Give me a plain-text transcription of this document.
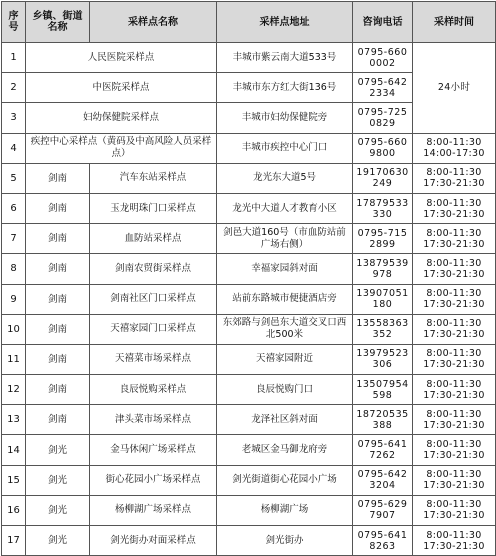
序号	乡镇、街道名称	采样点名称	采样点地址	咨询电话	采样时间
1	人民医院采样点		丰城市紫云南大道533号	0795-6600002	24小时
2	中医院采样点		丰城市东方红大街136号	0795-6422334	
3	妇幼保健院采样点		丰城市妇幼保健院旁	0795-7250829	
4	疾控中心采样点（黄码及中高风险人员采样点）		丰城市疾控中心门口	0795-6609800	8:00-11:30
14:00-17:30
5	剑南	汽车东站采样点	龙光东大道5号	19170630249	8:00-11:30
17:30-21:30
6	剑南	玉龙明珠门口采样点	龙光中大道人才教育小区	17879533330	8:00-11:30
17:30-21:30
7	剑南	血防站采样点	剑邑大道160号（市血防站前广场右侧）	0795-7152899	8:00-11:30
17:30-21:30
8	剑南	剑南农贸街采样点	幸福家园斜对面	13879539978	8:00-11:30
17:30-21:30
9	剑南	剑南社区门口采样点	站前东路城市便捷酒店旁	13907051180	8:00-11:30
17:30-21:30
10	剑南	天禧家园门口采样点	东郊路与剑邑东大道交叉口西北500米	13558363352	8:00-11:30
17:30-21:30
11	剑南	天禧菜市场采样点	天禧家园附近	13979523306	8:00-11:30
17:30-21:30
12	剑南	良辰悦购采样点	良辰悦购门口	13507954598	8:00-11:30
17:30-21:30
13	剑南	津头菜市场采样点	龙泽社区斜对面	18720535388	8:00-11:30
17:30-21:30
14	剑光	金马休闲广场采样点	老城区金马御龙府旁	0795-6417262	8:00-11:30
17:30-21:30
15	剑光	街心花园小广场采样点	剑光街道街心花园小广场	0795-6423204	8:00-11:30
17:30-21:30
16	剑光	杨柳湖广场采样点	杨柳湖广场	0795-6297907	8:00-11:30
17:30-21:30
17	剑光	剑光街办对面采样点	剑光街办	0795-6418263	8:00-11:30
17:30-21:30
